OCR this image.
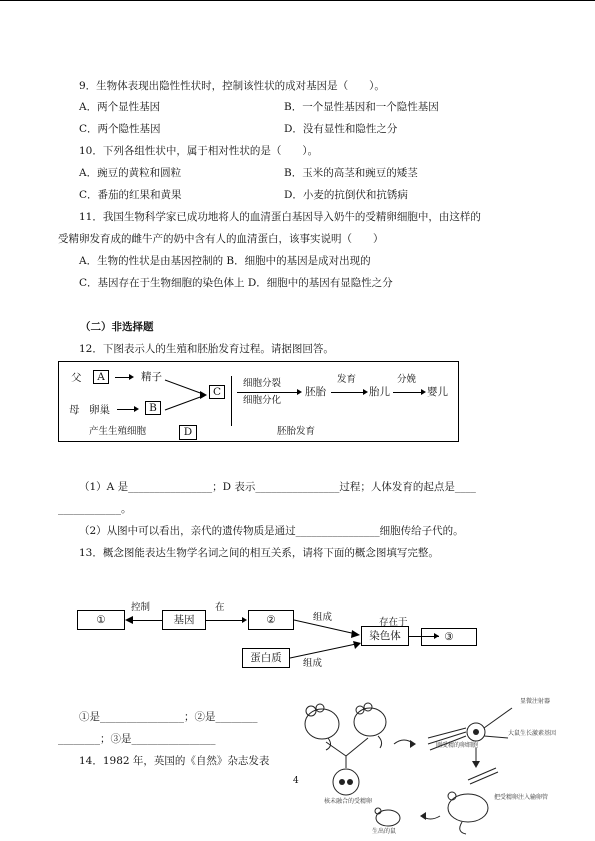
9．生物体表现出隐性性状时，控制该性状的成对基因是（　　）。
A．两个显性基因	B．一个显性基因和一个隐性基因
C．两个隐性基因	D．没有显性和隐性之分
10．下列各组性状中，属于相对性状的是（　　）。
A．豌豆的黄粒和圆粒	B．玉米的高茎和豌豆的矮茎
C．番茄的红果和黄果	D．小麦的抗倒伏和抗锈病
11．我国生物科学家已成功地将人的血清蛋白基因导入奶牛的受精卵细胞中，由这样的
受精卵发育成的雌牛产的奶中含有人的血清蛋白，该事实说明（　　）
A．生物的性状是由基因控制的 B．细胞中的基因是成对出现的
C．基因存在于生物细胞的染色体上 D．细胞中的基因有显隐性之分
（二）非选择题
12．下图表示人的生殖和胚胎发育过程。请据图回答。
父	A	精子
母 卵巢	B
C
细胞分裂
细胞分化
胚胎
发育
胎儿
分娩
婴儿
产生生殖细胞	D	胚胎发育
（1）A 是________________；D 表示________________过程；人体发育的起点是____
____________。
（2）从图中可以看出，亲代的遗传物质是通过________________细胞传给子代的。
13．概念图能表达生物学名词之间的相互关系，请将下面的概念图填写完整。
①
控制
基因
在
②	组成
染色体
存在于
③
蛋白质	组成
①是________________；②是________
________；③是________________
14．1982 年，英国的《自然》杂志发表
4
显微注射器
大鼠生长激素基因
刚受精的卵细胞
核未融合的受精卵
把受精卵注入输卵管
生出的鼠
